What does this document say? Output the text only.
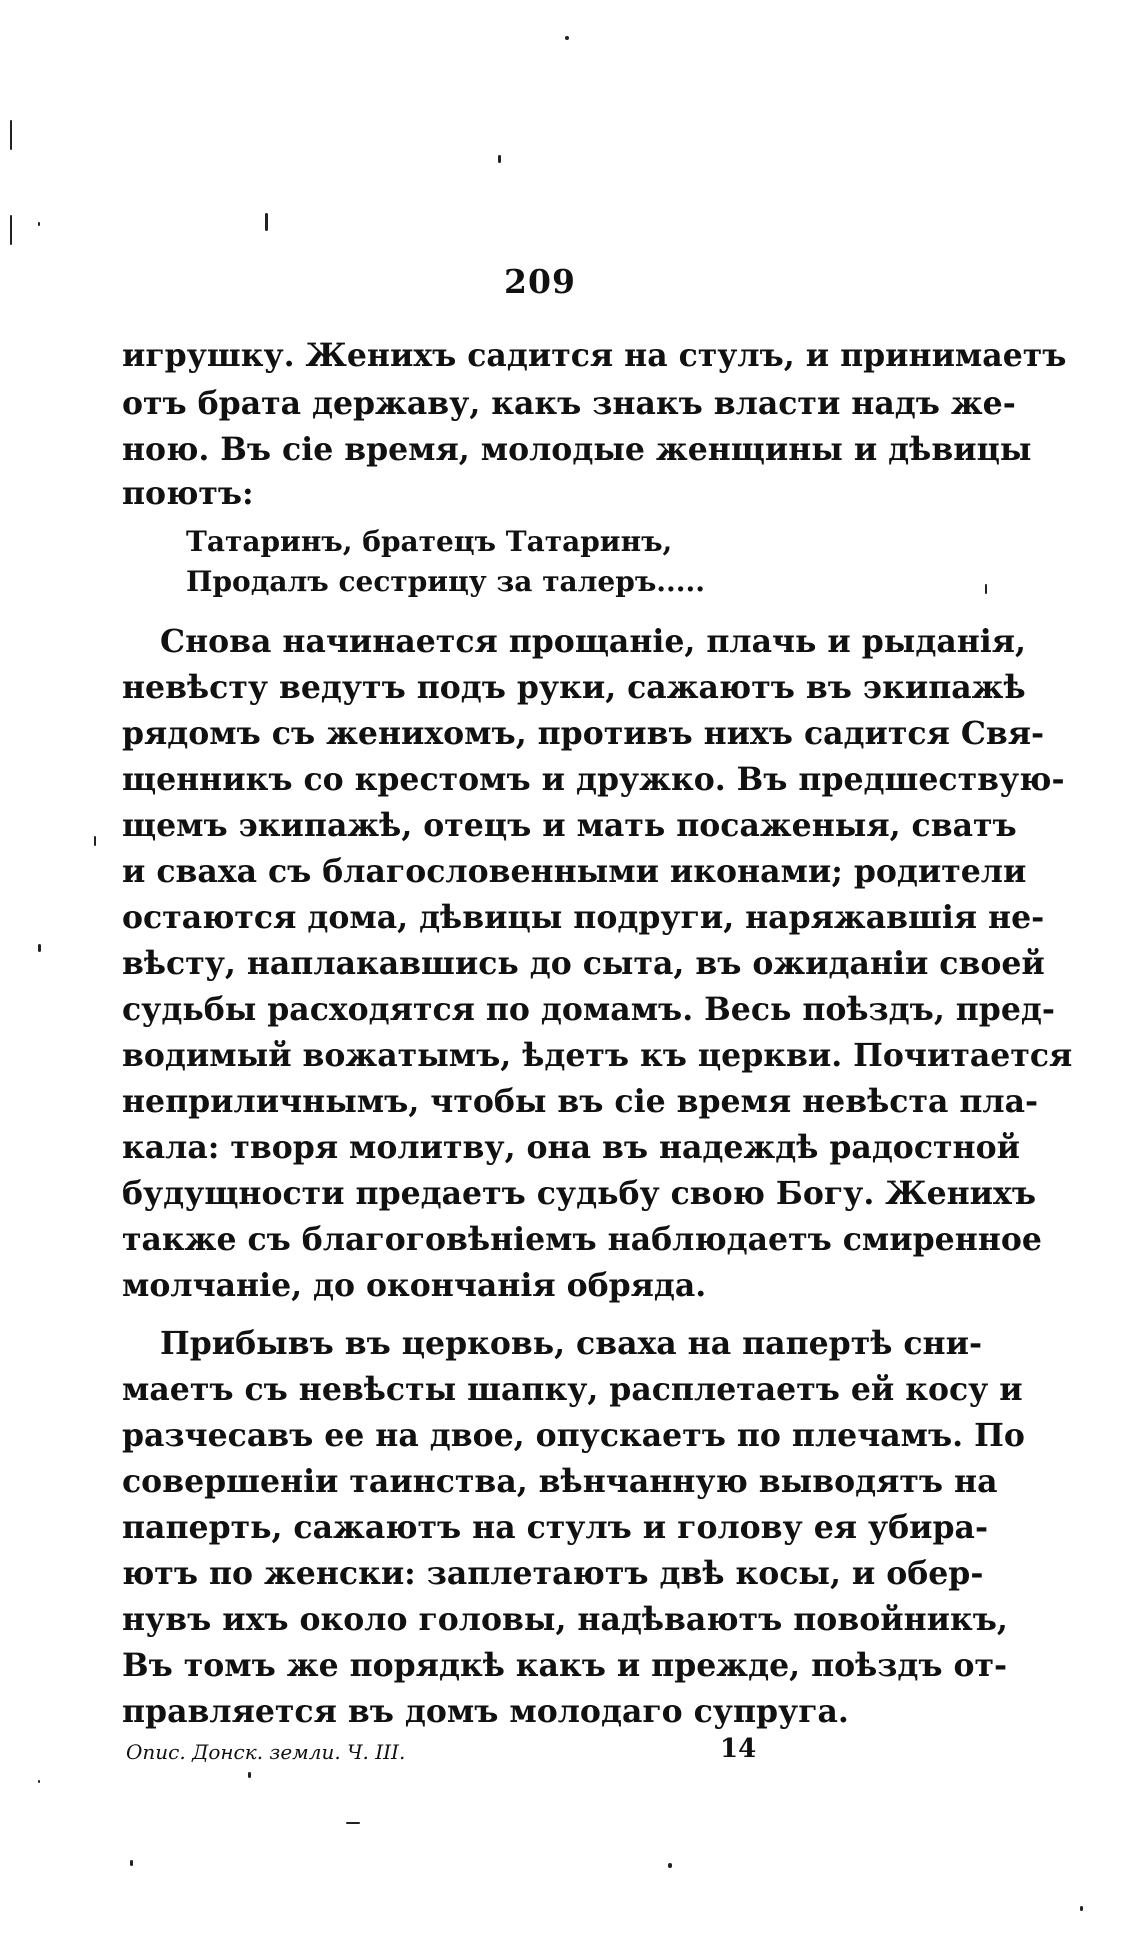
209
игрушку. Женихъ садится на стулъ, и принимаетъ
отъ брата державу, какъ знакъ власти надъ же-
ною. Въ сіе время, молодые женщины и дѣвицы
поютъ:
Татаринъ, братецъ Татаринъ,
Продалъ сестрицу за талеръ.....
Снова начинается прощаніе, плачь и рыданія,
невѣсту ведутъ подъ руки, сажаютъ въ экипажѣ
рядомъ съ женихомъ, противъ нихъ садится Свя-
щенникъ со крестомъ и дружко. Въ предшествую-
щемъ экипажѣ, отецъ и мать посаженыя, сватъ
и сваха съ благословенными иконами; родители
остаются дома, дѣвицы подруги, наряжавшія не-
вѣсту, наплакавшись до сыта, въ ожиданіи своей
судьбы расходятся по домамъ. Весь поѣздъ, пред-
водимый вожатымъ, ѣдетъ къ церкви. Почитается
неприличнымъ, чтобы въ сіе время невѣста пла-
кала: творя молитву, она въ надеждѣ радостной
будущности предаетъ судьбу свою Богу. Женихъ
также съ благоговѣніемъ наблюдаетъ смиренное
молчаніе, до окончанія обряда.
Прибывъ въ церковь, сваха на папертѣ сни-
маетъ съ невѣсты шапку, расплетаетъ ей косу и
разчесавъ ее на двое, опускаетъ по плечамъ. По
совершеніи таинства, вѣнчанную выводятъ на
паперть, сажаютъ на стулъ и голову ея убира-
ютъ по женски: заплетаютъ двѣ косы, и обер-
нувъ ихъ около головы, надѣваютъ повойникъ,
Въ томъ же порядкѣ какъ и прежде, поѣздъ от-
правляется въ домъ молодаго супруга.
Опис. Донск. земли. Ч. III.	14
